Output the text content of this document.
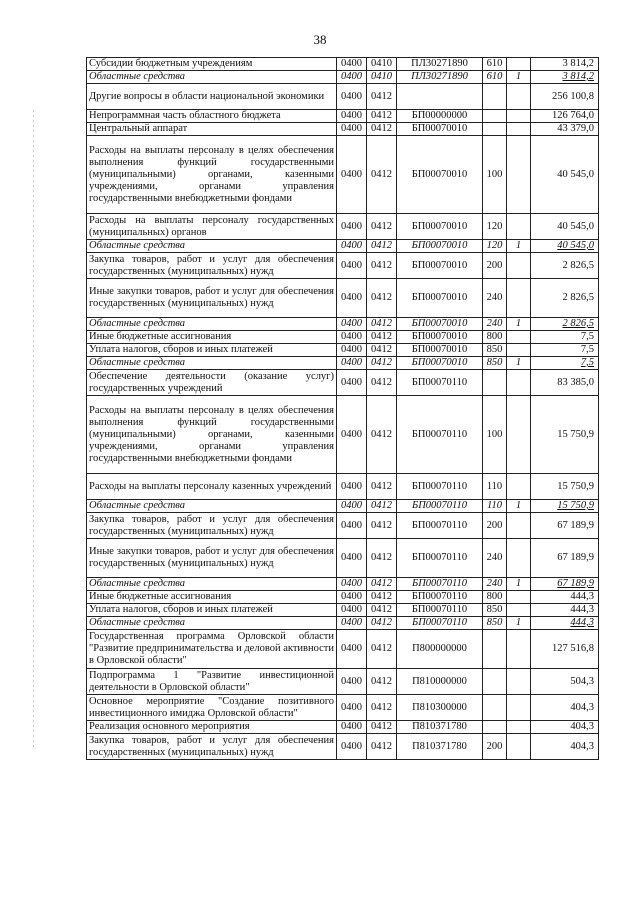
38
Субсидии бюджетным учреждениям	0400	0410	ПЛ30271890	610		3 814,2
Областные средства	0400	0410	ПЛ30271890	610	1	3 814,2
Другие вопросы в области национальной экономики	0400	0412				256 100,8
Непрограммная часть областного бюджета	0400	0412	БП00000000			126 764,0
Центральный аппарат	0400	0412	БП00070010			43 379,0
Расходы на выплаты персоналу в целях обеспечения выполнения функций государственными (муниципальными) органами, казенными учреждениями, органами управления государственными внебюджетными фондами	0400	0412	БП00070010	100		40 545,0
Расходы на выплаты персоналу государственных (муниципальных) органов	0400	0412	БП00070010	120		40 545,0
Областные средства	0400	0412	БП00070010	120	1	40 545,0
Закупка товаров, работ и услуг для обеспечения государственных (муниципальных) нужд	0400	0412	БП00070010	200		2 826,5
Иные закупки товаров, работ и услуг для обеспечения государственных (муниципальных) нужд	0400	0412	БП00070010	240		2 826,5
Областные средства	0400	0412	БП00070010	240	1	2 826,5
Иные бюджетные ассигнования	0400	0412	БП00070010	800		7,5
Уплата налогов, сборов и иных платежей	0400	0412	БП00070010	850		7,5
Областные средства	0400	0412	БП00070010	850	1	7,5
Обеспечение деятельности (оказание услуг) государственных учреждений	0400	0412	БП00070110			83 385,0
Расходы на выплаты персоналу в целях обеспечения выполнения функций государственными (муниципальными) органами, казенными учреждениями, органами управления государственными внебюджетными фондами	0400	0412	БП00070110	100		15 750,9
Расходы на выплаты персоналу казенных учреждений	0400	0412	БП00070110	110		15 750,9
Областные средства	0400	0412	БП00070110	110	1	15 750,9
Закупка товаров, работ и услуг для обеспечения государственных (муниципальных) нужд	0400	0412	БП00070110	200		67 189,9
Иные закупки товаров, работ и услуг для обеспечения государственных (муниципальных) нужд	0400	0412	БП00070110	240		67 189,9
Областные средства	0400	0412	БП00070110	240	1	67 189,9
Иные бюджетные ассигнования	0400	0412	БП00070110	800		444,3
Уплата налогов, сборов и иных платежей	0400	0412	БП00070110	850		444,3
Областные средства	0400	0412	БП00070110	850	1	444,3
Государственная программа Орловской области "Развитие предпринимательства и деловой активности в Орловской области"	0400	0412	П800000000			127 516,8
Подпрограмма 1 "Развитие инвестиционной деятельности в Орловской области"	0400	0412	П810000000			504,3
Основное мероприятие "Создание позитивного инвестиционного имиджа Орловской области"	0400	0412	П810300000			404,3
Реализация основного мероприятия	0400	0412	П810371780			404,3
Закупка товаров, работ и услуг для обеспечения государственных (муниципальных) нужд	0400	0412	П810371780	200		404,3
